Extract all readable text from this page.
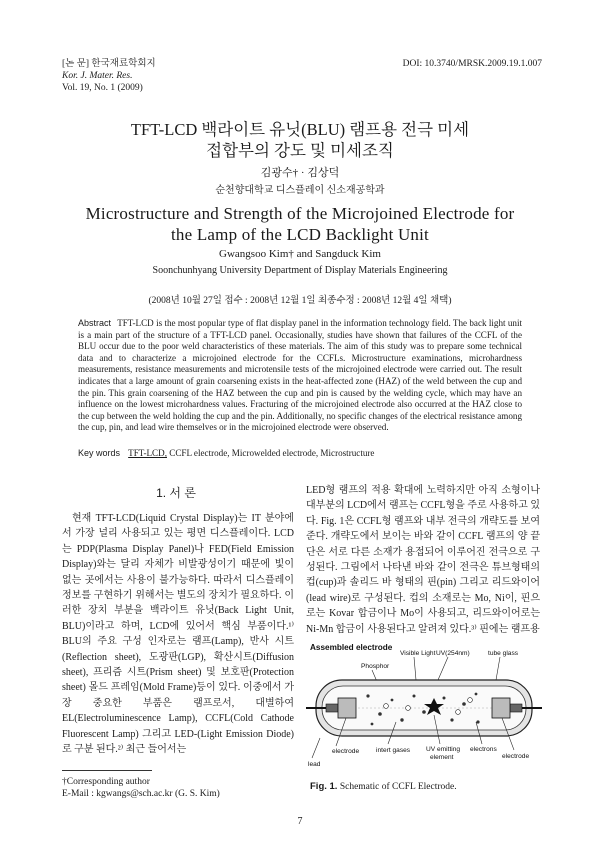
[논 문] 한국재료학회지
Kor. J. Mater. Res.
Vol. 19, No. 1 (2009)
DOI: 10.3740/MRSK.2009.19.1.007
TFT-LCD 백라이트 유닛(BLU) 램프용 전극 미세
접합부의 강도 및 미세조직
김광수† · 김상덕
순천향대학교 디스플레이 신소재공학과
Microstructure and Strength of the Microjoined Electrode for
the Lamp of the LCD Backlight Unit
Gwangsoo Kim† and Sangduck Kim
Soonchunhyang University Department of Display Materials Engineering
(2008년 10월 27일 접수 : 2008년 12월 1일 최종수정 : 2008년 12월 4일 채택)
Abstract TFT-LCD is the most popular type of flat display panel in the information technology field. The back light unit is a main part of the structure of a TFT-LCD panel. Occasionally, studies have shown that failures of the CCFL of the BLU occur due to the poor weld characteristics of these materials. The aim of this study was to prepare some technical data and to characterize a microjoined electrode for the CCFLs. Microstructure examinations, microhardness measurements, resistance measurements and microtensile tests of the microjoined electrode were carried out. The result indicates that a large amount of grain coarsening exists in the heat-affected zone (HAZ) of the weld between the cup and the pin. This grain coarsening of the HAZ between the cup and pin is caused by the welding cycle, which may have an influence on the lowest microhardness values. Fracturing of the microjoined electrode also occurred at the HAZ close to the cup between the weld holding the cup and the pin. Additionally, no specific changes of the electrical resistance among the cup, pin, and lead wire themselves or in the microjoined electrode were observed.
Key words TFT-LCD, CCFL electrode, Microwelded electrode, Microstructure
1. 서 론
현재 TFT-LCD(Liquid Crystal Display)는 IT 분야에서 가장 널리 사용되고 있는 평면 디스플레이다. LCD는 PDP(Plasma Display Panel)나 FED(Field Emission Display)와는 달리 자체가 비발광성이기 때문에 빛이 없는 곳에서는 사용이 불가능하다. 따라서 디스플레이 정보를 구현하기 위해서는 별도의 장치가 필요하다. 이러한 장치 부분을 백라이트 유닛(Back Light Unit, BLU)이라고 하며, LCD에 있어서 핵심 부품이다.¹⁾ BLU의 주요 구성 인자로는 램프(Lamp), 반사 시트(Reflection sheet), 도광판(LGP), 확산시트(Diffusion sheet), 프리즘 시트(Prism sheet) 및 보호판(Protection sheet) 몰드 프레임(Mold Frame)등이 있다. 이중에서 가장 중요한 부품은 램프로서, 대별하여 EL(Electroluminescence Lamp), CCFL(Cold Cathode Fluorescent Lamp) 그리고 LED-(Light Emission Diode)로 구분 된다.²⁾ 최근 들어서는
LED형 램프의 적용 확대에 노력하지만 아직 소형이나 대부분의 LCD에서 램프는 CCFL형을 주로 사용하고 있다. Fig. 1은 CCFL형 램프와 내부 전극의 개략도를 보여준다. 개략도에서 보이는 바와 같이 CCFL 램프의 양 끝단은 서로 다른 소재가 용접되어 이루어진 전극으로 구성된다. 그림에서 나타낸 바와 같이 전극은 튜브형태의 컵(cup)과 솔리드 바 형태의 핀(pin) 그리고 리드와이어(lead wire)로 구성된다. 컵의 소재로는 Mo, Ni이, 핀으로는 Kovar 합금이나 Mo이 사용되고, 리드와이어로는 Ni-Mn 합금이 사용된다고 알려져 있다.³⁾ 핀에는 램프용
Assembled electrode
Visible Light UV(254nm)	tube glass
Phosphor
lead
electrode	intert gases UV emitting
element
electrons
electrode
Fig. 1. Schematic of CCFL Electrode.
†Corresponding author
E-Mail : kgwangs@sch.ac.kr (G. S. Kim)
7
